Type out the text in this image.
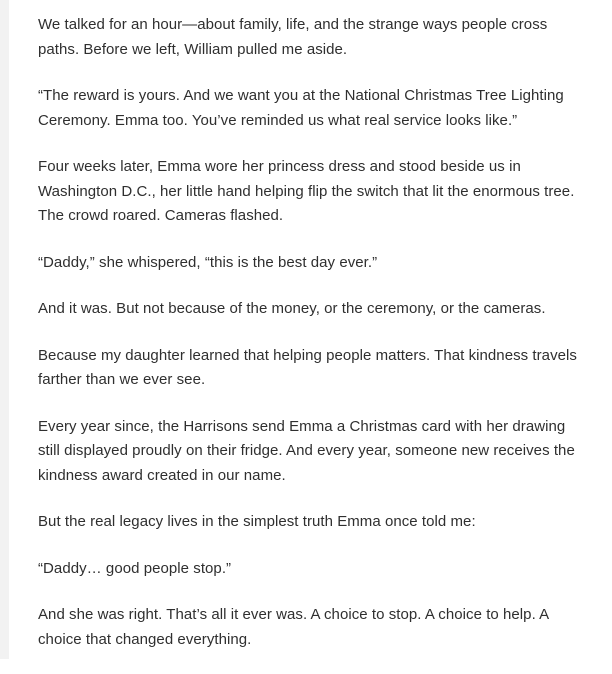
We talked for an hour—about family, life, and the strange ways people cross paths. Before we left, William pulled me aside.

“The reward is yours. And we want you at the National Christmas Tree Lighting Ceremony. Emma too. You’ve reminded us what real service looks like.”

Four weeks later, Emma wore her princess dress and stood beside us in Washington D.C., her little hand helping flip the switch that lit the enormous tree. The crowd roared. Cameras flashed.

“Daddy,” she whispered, “this is the best day ever.”

And it was. But not because of the money, or the ceremony, or the cameras.

Because my daughter learned that helping people matters. That kindness travels farther than we ever see.

Every year since, the Harrisons send Emma a Christmas card with her drawing still displayed proudly on their fridge. And every year, someone new receives the kindness award created in our name.

But the real legacy lives in the simplest truth Emma once told me:

“Daddy… good people stop.”

And she was right. That’s all it ever was. A choice to stop. A choice to help. A choice that changed everything.
